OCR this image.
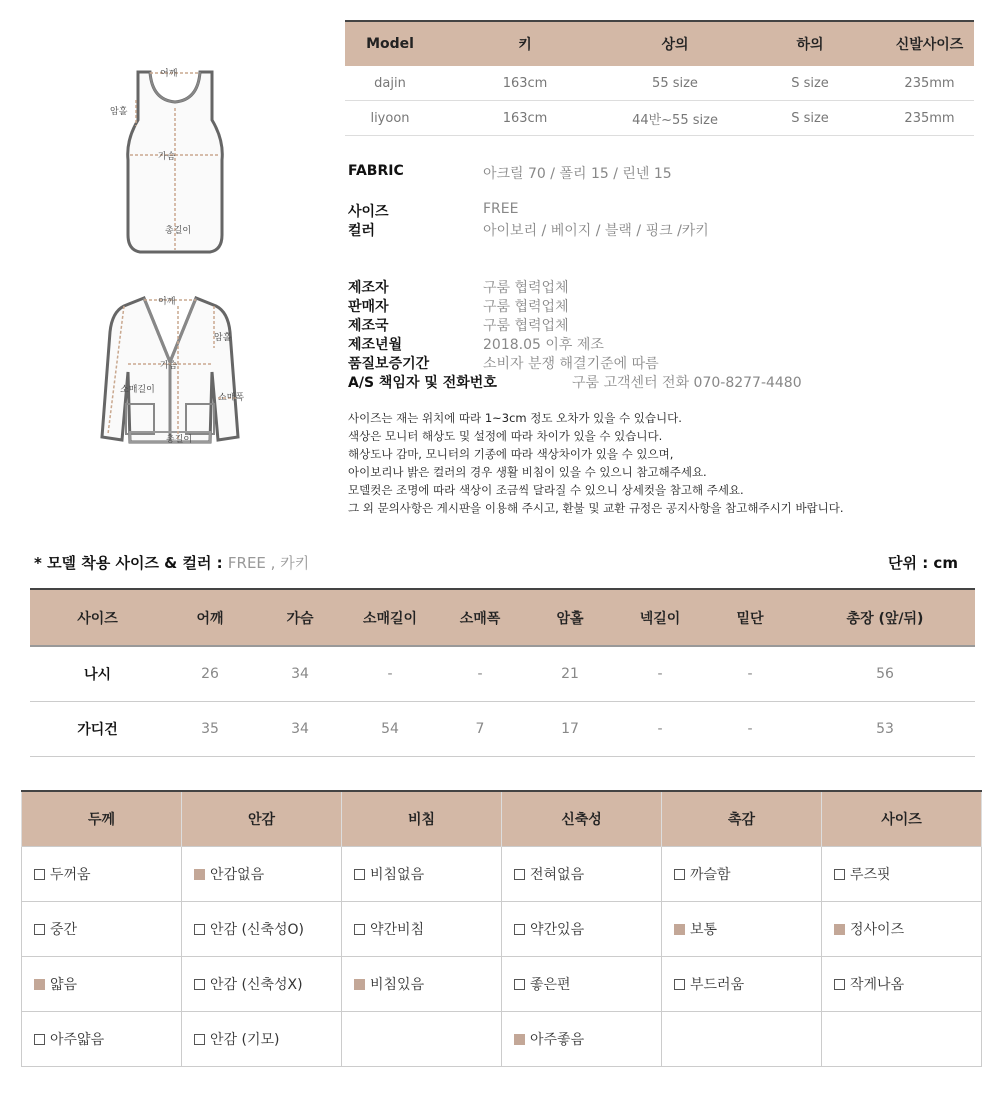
어깨
암홀
가슴
총길이
어깨
암홀
가슴
소매길이
소매폭
총길이
Model	키	상의	하의	신발사이즈
dajin	163cm	55 size	S size	235mm
liyoon	163cm	44반~55 size	S size	235mm
FABRIC	아크릴 70 / 폴리 15 / 린넨 15
사이즈	FREE
컬러	아이보리 / 베이지 / 블랙 / 핑크 /카키
제조자	구룸 협력업체
판매자	구룸 협력업체
제조국	구룸 협력업체
제조년월	2018.05 이후 제조
품질보증기간	소비자 분쟁 해결기준에 따름
A/S 책임자 및 전화번호	구룸 고객센터 전화 070-8277-4480
사이즈는 재는 위치에 따라 1~3cm 정도 오차가 있을 수 있습니다.
색상은 모니터 해상도 및 설정에 따라 차이가 있을 수 있습니다.
해상도나 감마, 모니터의 기종에 따라 색상차이가 있을 수 있으며,
아이보리나 밝은 컬러의 경우 생활 비침이 있을 수 있으니 참고해주세요.
모델컷은 조명에 따라 색상이 조금씩 달라질 수 있으니 상세컷을 참고해 주세요.
그 외 문의사항은 게시판을 이용해 주시고, 환불 및 교환 규정은 공지사항을 참고해주시기 바랍니다.
* 모델 착용 사이즈 & 컬러 : FREE , 카키	단위 : cm
사이즈	어깨	가슴	소매길이	소매폭	암홀	넥길이	밑단	총장 (앞/뒤)
나시	26	34	-	-	21	-	-	56
가디건	35	34	54	7	17	-	-	53
두께	안감	비침	신축성	촉감	사이즈
두꺼움	안감없음	비침없음	전혀없음	까슬함	루즈핏
중간	안감 (신축성O)	약간비침	약간있음	보통	정사이즈
얇음	안감 (신축성X)	비침있음	좋은편	부드러움	작게나옴
아주얇음	안감 (기모)		아주좋음		
